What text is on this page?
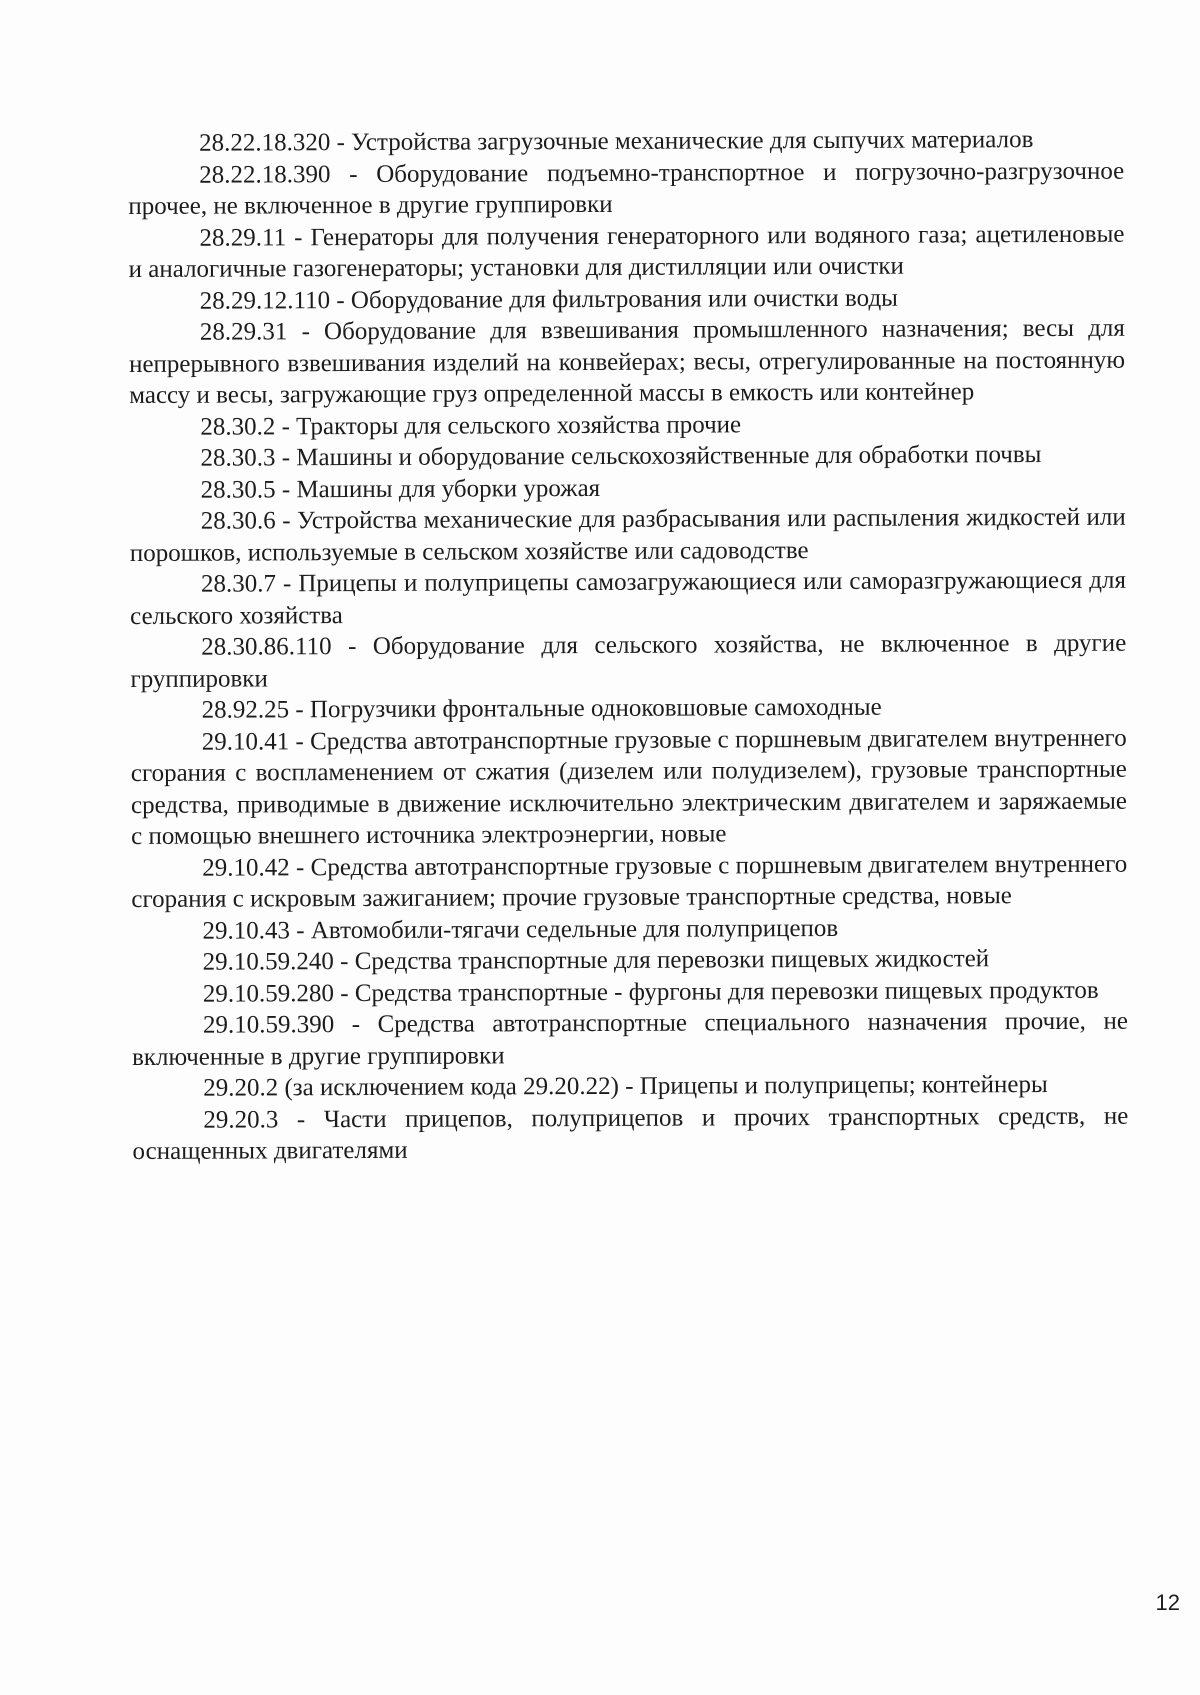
28.22.18.320 - Устройства загрузочные механические для сыпучих материалов

28.22.18.390 - Оборудование подъемно-транспортное и погрузочно-разгрузочное прочее, не включенное в другие группировки

28.29.11 - Генераторы для получения генераторного или водяного газа; ацетиленовые и аналогичные газогенераторы; установки для дистилляции или очистки

28.29.12.110 - Оборудование для фильтрования или очистки воды

28.29.31 - Оборудование для взвешивания промышленного назначения; весы для непрерывного взвешивания изделий на конвейерах; весы, отрегулированные на постоянную массу и весы, загружающие груз определенной массы в емкость или контейнер

28.30.2 - Тракторы для сельского хозяйства прочие

28.30.3 - Машины и оборудование сельскохозяйственные для обработки почвы

28.30.5 - Машины для уборки урожая

28.30.6 - Устройства механические для разбрасывания или распыления жидкостей или порошков, используемые в сельском хозяйстве или садоводстве

28.30.7 - Прицепы и полуприцепы самозагружающиеся или саморазгружающиеся для сельского хозяйства

28.30.86.110 - Оборудование для сельского хозяйства, не включенное в другие группировки

28.92.25 - Погрузчики фронтальные одноковшовые самоходные

29.10.41 - Средства автотранспортные грузовые с поршневым двигателем внутреннего сгорания с воспламенением от сжатия (дизелем или полудизелем), грузовые транспортные средства, приводимые в движение исключительно электрическим двигателем и заряжаемые с помощью внешнего источника электроэнергии, новые

29.10.42 - Средства автотранспортные грузовые с поршневым двигателем внутреннего сгорания с искровым зажиганием; прочие грузовые транспортные средства, новые

29.10.43 - Автомобили-тягачи седельные для полуприцепов

29.10.59.240 - Средства транспортные для перевозки пищевых жидкостей

29.10.59.280 - Средства транспортные - фургоны для перевозки пищевых продуктов

29.10.59.390 - Средства автотранспортные специального назначения прочие, не включенные в другие группировки

29.20.2 (за исключением кода 29.20.22) - Прицепы и полуприцепы; контейнеры

29.20.3 - Части прицепов, полуприцепов и прочих транспортных средств, не оснащенных двигателями

12
